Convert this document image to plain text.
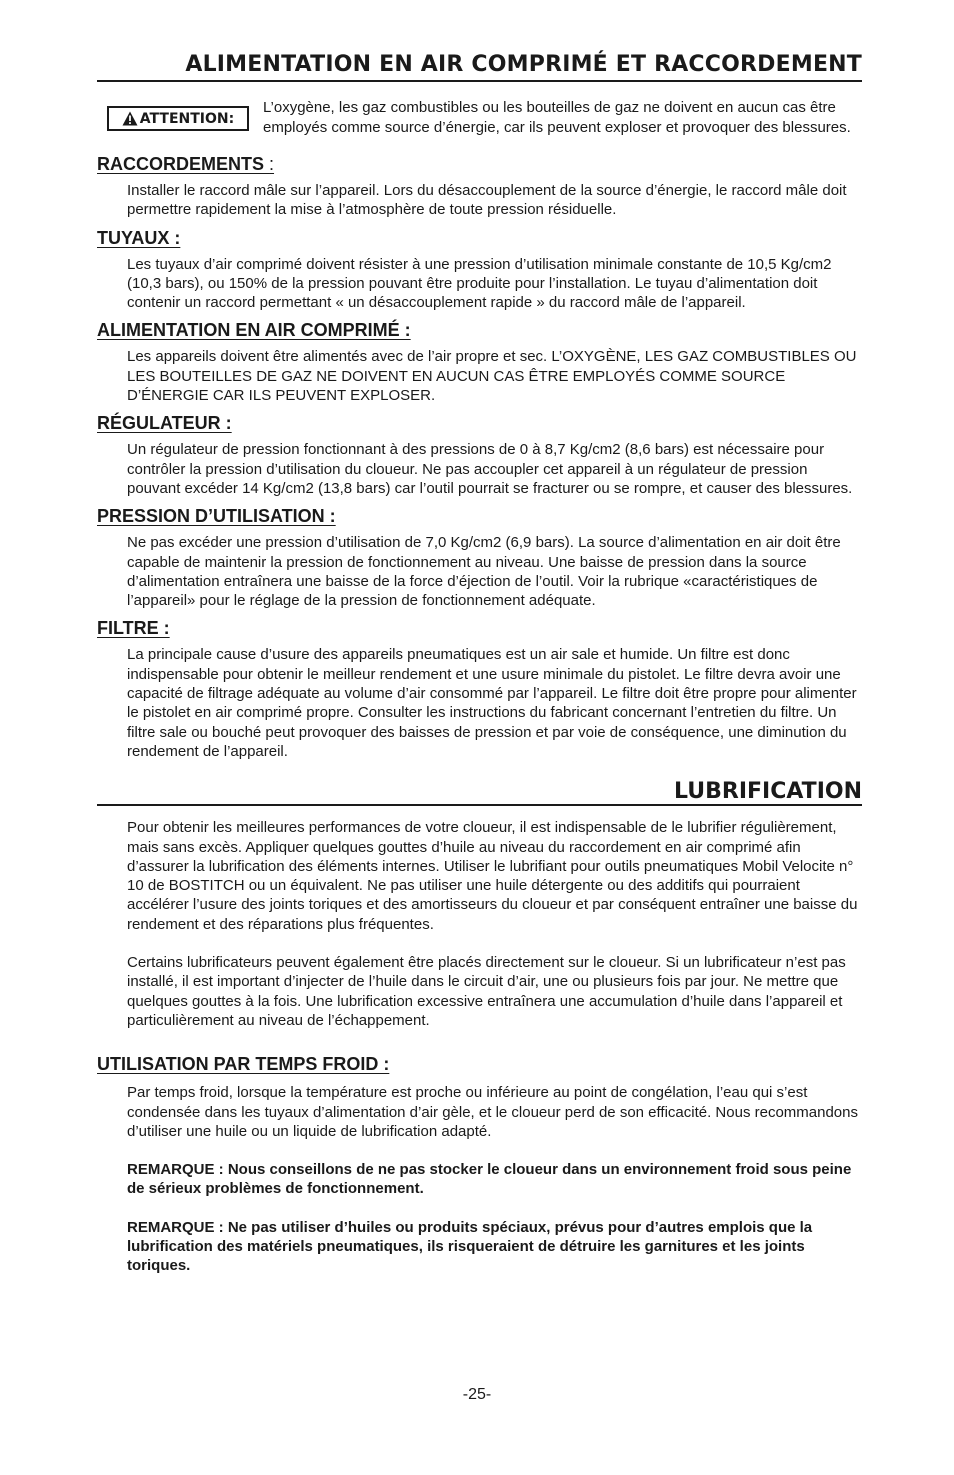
ALIMENTATION EN AIR COMPRIMÉ ET RACCORDEMENT
ATTENTION:
L’oxygène, les gaz combustibles ou les bouteilles de gaz ne doivent en aucun cas être employés comme source d’énergie, car ils peuvent exploser et provoquer des blessures.
RACCORDEMENTS :

Installer le raccord mâle sur l’appareil. Lors du désaccouplement de la source d’énergie, le raccord mâle doit permettre rapidement la mise à l’atmosphère de toute pression résiduelle.

TUYAUX :

Les tuyaux d’air comprimé doivent résister à une pression d’utilisation minimale constante de 10,5 Kg/cm2 (10,3 bars), ou 150% de la pression pouvant être produite pour l’installation. Le tuyau d’alimentation doit contenir un raccord permettant « un désaccouplement rapide » du raccord mâle de l’appareil.

ALIMENTATION EN AIR COMPRIMÉ :

Les appareils doivent être alimentés avec de l’air propre et sec. L’OXYGÈNE, LES GAZ COMBUSTIBLES OU LES BOUTEILLES DE GAZ NE DOIVENT EN AUCUN CAS ÊTRE EMPLOYÉS COMME SOURCE D’ÉNERGIE CAR ILS PEUVENT EXPLOSER.

RÉGULATEUR :

Un régulateur de pression fonctionnant à des pressions de 0 à 8,7 Kg/cm2 (8,6 bars) est nécessaire pour contrôler la pression d’utilisation du cloueur. Ne pas accoupler cet appareil à un régulateur de pression pouvant excéder 14 Kg/cm2 (13,8 bars) car l’outil pourrait se fracturer ou se rompre, et causer des blessures.

PRESSION D’UTILISATION :

Ne pas excéder une pression d’utilisation de 7,0 Kg/cm2 (6,9 bars). La source d’alimentation en air doit être capable de maintenir la pression de fonctionnement au niveau. Une baisse de pression dans la source d’alimentation entraînera une baisse de la force d’éjection de l’outil. Voir la rubrique «caractéristiques de l’appareil» pour le réglage de la pression de fonctionnement adéquate.

FILTRE :

La principale cause d’usure des appareils pneumatiques est un air sale et humide. Un filtre est donc indispensable pour obtenir le meilleur rendement et une usure minimale du pistolet. Le filtre devra avoir une capacité de filtrage adéquate au volume d’air consommé par l’appareil. Le filtre doit être propre pour alimenter le pistolet en air comprimé propre. Consulter les instructions du fabricant concernant l’entretien du filtre. Un filtre sale ou bouché peut provoquer des baisses de pression et par voie de conséquence, une diminution du rendement de l’appareil.

LUBRIFICATION

Pour obtenir les meilleures performances de votre cloueur, il est indispensable de le lubrifier régulièrement, mais sans excès. Appliquer quelques gouttes d’huile au niveau du raccordement en air comprimé afin d’assurer la lubrification des éléments internes. Utiliser le lubrifiant pour outils pneumatiques Mobil Velocite n° 10 de BOSTITCH ou un équivalent. Ne pas utiliser une huile détergente ou des additifs qui pourraient accélérer l’usure des joints toriques et des amortisseurs du cloueur et par conséquent entraîner une baisse du rendement et des réparations plus fréquentes.

Certains lubrificateurs peuvent également être placés directement sur le cloueur. Si un lubrificateur n’est pas installé, il est important d’injecter de l’huile dans le circuit d’air, une ou plusieurs fois par jour. Ne mettre que quelques gouttes à la fois. Une lubrification excessive entraînera une accumulation d’huile dans l’appareil et particulièrement au niveau de l’échappement.

UTILISATION PAR TEMPS FROID :

Par temps froid, lorsque la température est proche ou inférieure au point de congélation, l’eau qui s’est condensée dans les tuyaux d’alimentation d’air gèle, et le cloueur perd de son efficacité. Nous recommandons d’utiliser une huile ou un liquide de lubrification adapté.

REMARQUE : Nous conseillons de ne pas stocker le cloueur dans un environnement froid sous peine de sérieux problèmes de fonctionnement.

REMARQUE : Ne pas utiliser d’huiles ou produits spéciaux, prévus pour d’autres emplois que la lubrification des matériels pneumatiques, ils risqueraient de détruire les garnitures et les joints toriques.

-25-
